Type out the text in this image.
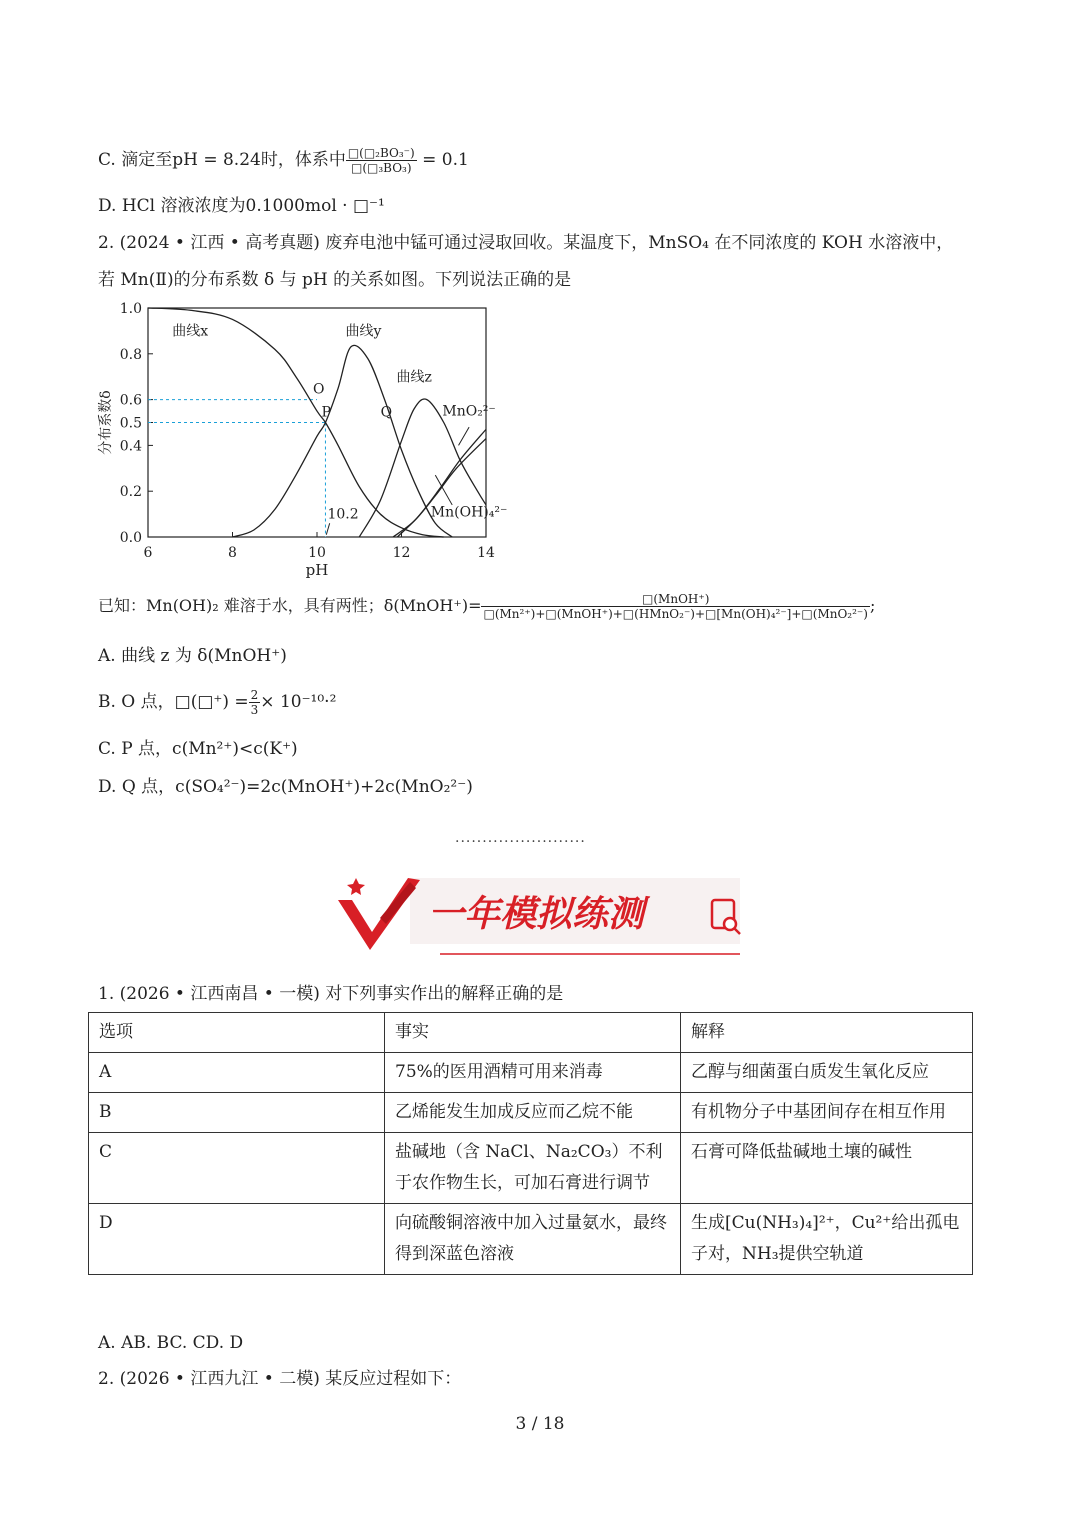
C. 滴定至pH = 8.24时，体系中 $\frac{\text{□(□₂BO₃⁻)}}{\text{□(□₃BO₃)}} = 0.1$
D. HCl 溶液浓度为0.1000mol · □⁻¹
2. (2024 • 江西 • 高考真题) 废弃电池中锰可通过浸取回收。某温度下，MnSO₄ 在不同浓度的 KOH 水溶液中，
若 Mn(Ⅱ)的分布系数 δ 与 pH 的关系如图。下列说法正确的是
6	8	10	12	14
0.0
0.2
0.4
0.5
0.6
0.8
1.0
pH
分布系数δ
曲线x	曲线y
曲线z
MnO₂²⁻
Mn(OH)₄²⁻
O
P	Q
10.2
已知：Mn(OH)₂ 难溶于水，具有两性；δ(MnOH⁺)= $\frac{\text{□(MnOH⁺)}}{\text{□(Mn²⁺)+□(MnOH⁺)+□(HMnO₂⁻)+□[Mn(OH)₄²⁻]+□(MnO₂²⁻)}}$ ;
A. 曲线 z 为 δ(MnOH⁺)
B. O 点，□(□⁺) = $\frac{2}{3} \times 10^{-10}\cdot^2$
C. P 点，c(Mn²⁺)<c(K⁺)
D. Q 点，c(SO₄²⁻)=2c(MnOH⁺)+2c(MnO₂²⁻)
........................
一年模拟练测
1. (2026 • 江西南昌 • 一模) 对下列事实作出的解释正确的是
选项	事实	解释
A	75%的医用酒精可用来消毒	乙醇与细菌蛋白质发生氧化反应
B	乙烯能发生加成反应而乙烷不能	有机物分子中基团间存在相互作用
C	盐碱地（含 NaCl、Na₂CO₃）不利于农作物生长，可加石膏进行调节	石膏可降低盐碱地土壤的碱性
D	向硫酸铜溶液中加入过量氨水，最终得到深蓝色溶液	生成[Cu(NH₃)₄]²⁺，Cu²⁺给出孤电子对，NH₃提供空轨道
A. AB. BC. CD. D
2. (2026 • 江西九江 • 二模) 某反应过程如下：
3 / 18
